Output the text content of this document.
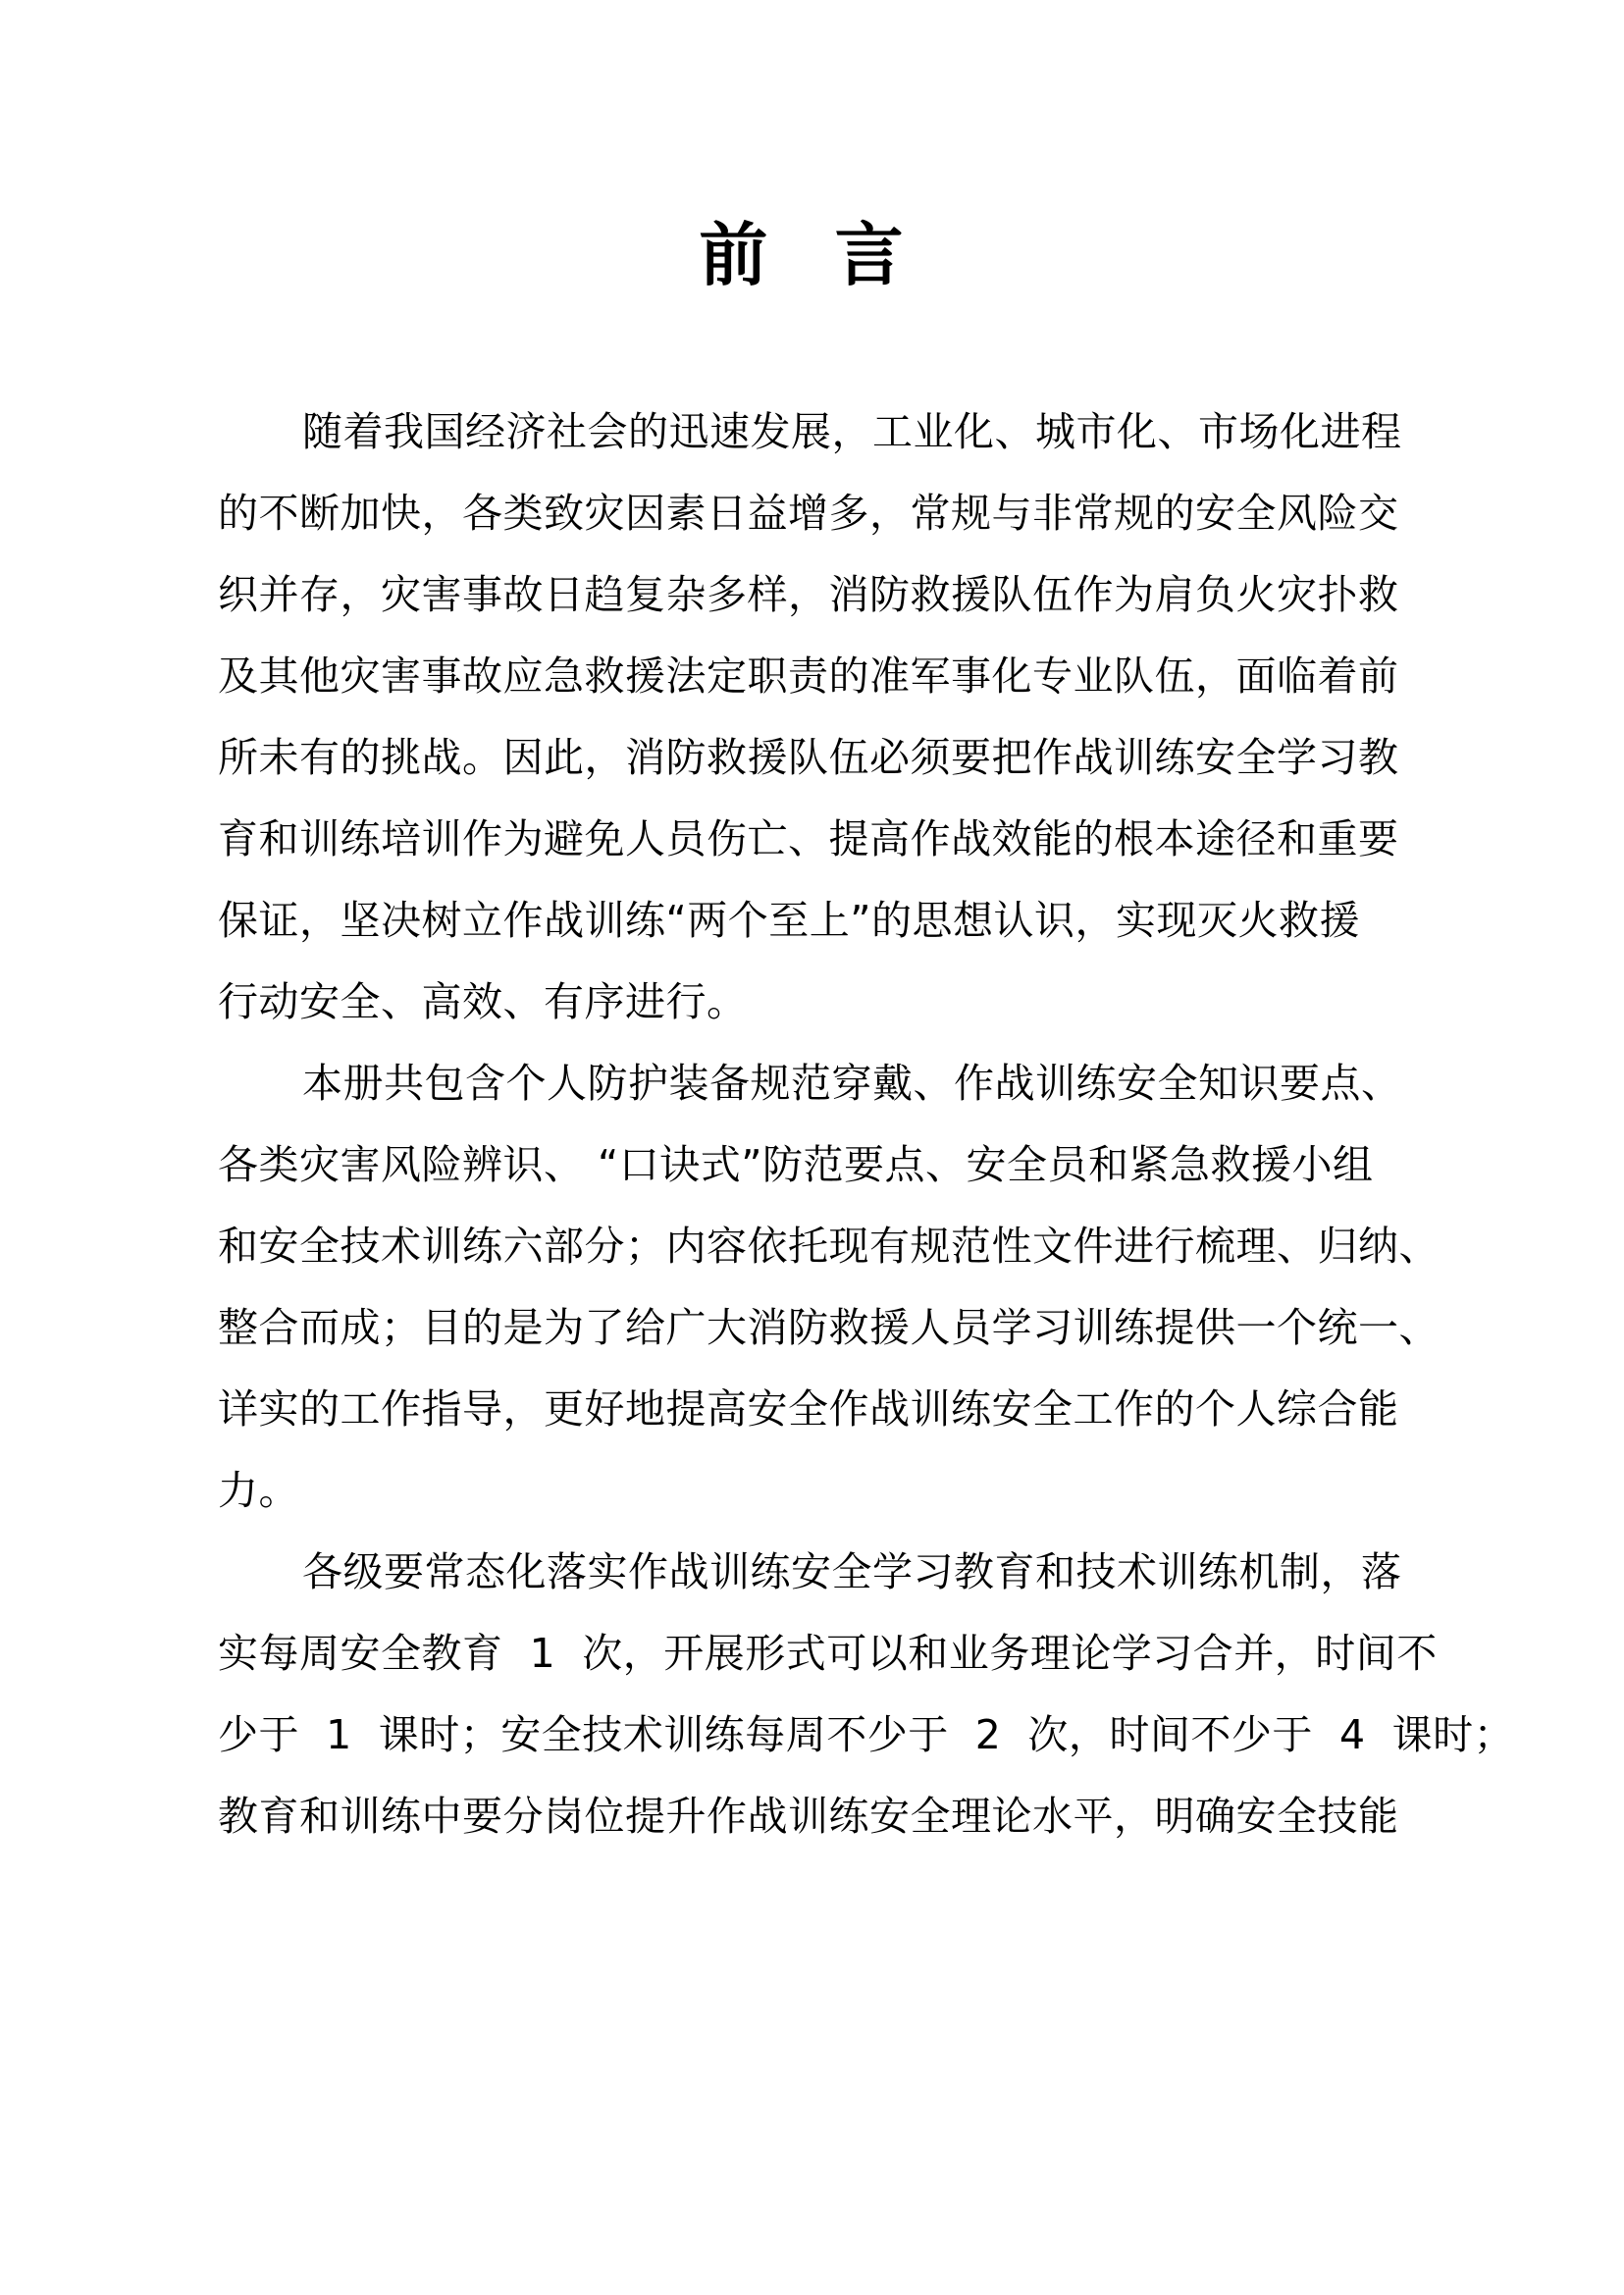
前 言
随着我国经济社会的迅速发展，工业化、城市化、市场化进程
的不断加快，各类致灾因素日益增多，常规与非常规的安全风险交
织并存，灾害事故日趋复杂多样，消防救援队伍作为肩负火灾扑救
及其他灾害事故应急救援法定职责的准军事化专业队伍，面临着前
所未有的挑战。因此，消防救援队伍必须要把作战训练安全学习教
育和训练培训作为避免人员伤亡、提高作战效能的根本途径和重要
保证，坚决树立作战训练“两个至上”的思想认识，实现灭火救援
行动安全、高效、有序进行。
本册共包含个人防护装备规范穿戴、作战训练安全知识要点、
各类灾害风险辨识、 “口诀式”防范要点、安全员和紧急救援小组
和安全技术训练六部分；内容依托现有规范性文件进行梳理、归纳、
整合而成；目的是为了给广大消防救援人员学习训练提供一个统一、
详实的工作指导，更好地提高安全作战训练安全工作的个人综合能
力。
各级要常态化落实作战训练安全学习教育和技术训练机制，落
实每周安全教育  1  次，开展形式可以和业务理论学习合并，时间不
少于  1  课时；安全技术训练每周不少于  2  次，时间不少于  4  课时；
教育和训练中要分岗位提升作战训练安全理论水平，明确安全技能
